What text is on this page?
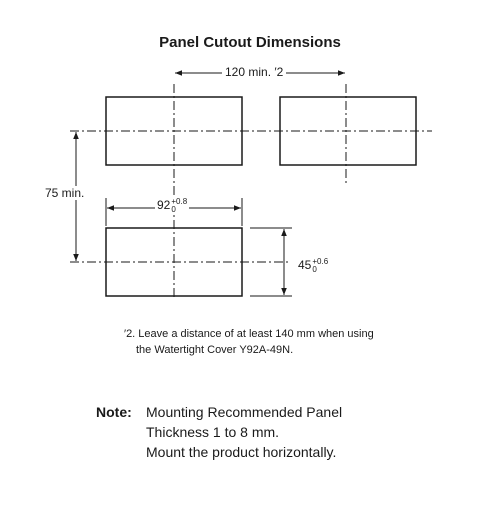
Panel Cutout Dimensions
120 min. ′2
75 min.
92 +0.8
0
45 +0.6
0
′2. Leave a distance of at least 140 mm when using
the Watertight Cover Y92A-49N.
Note: Mounting Recommended Panel
Thickness 1 to 8 mm.
Mount the product horizontally.
